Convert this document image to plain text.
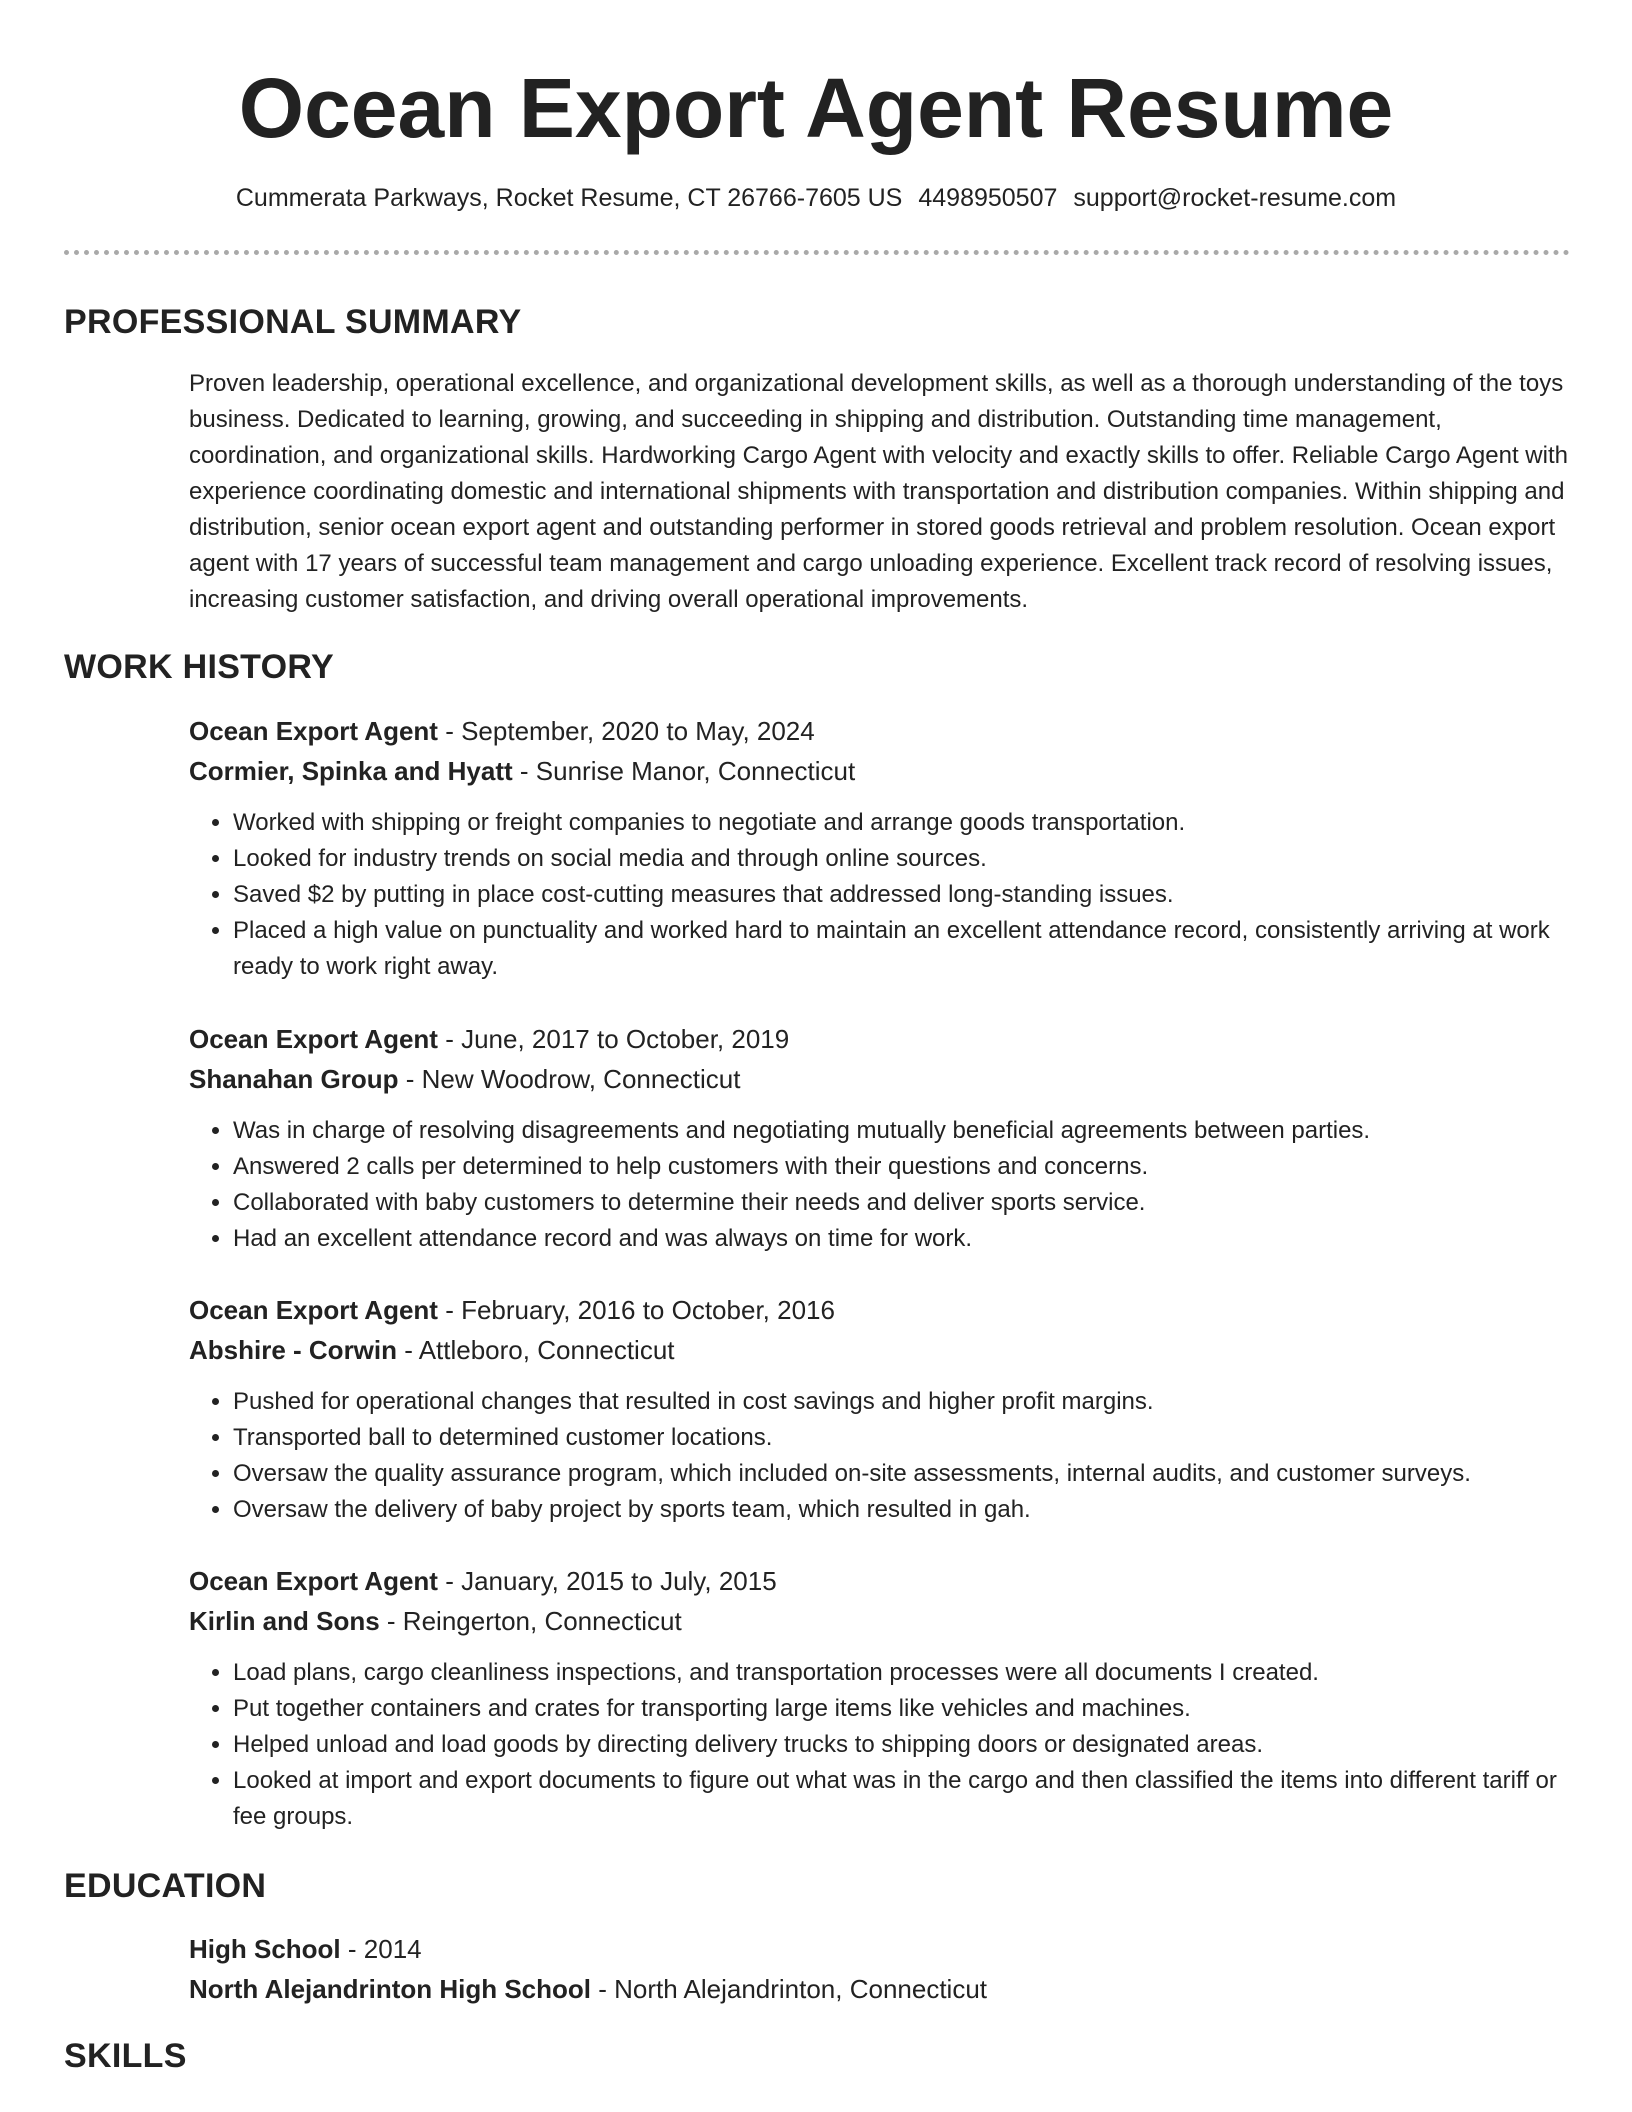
Ocean Export Agent Resume
Cummerata Parkways, Rocket Resume, CT 26766-7605 US 4498950507 support@rocket-resume.com
PROFESSIONAL SUMMARY

Proven leadership, operational excellence, and organizational development skills, as well as a thorough understanding of the toys business. Dedicated to learning, growing, and succeeding in shipping and distribution. Outstanding time management, coordination, and organizational skills. Hardworking Cargo Agent with velocity and exactly skills to offer. Reliable Cargo Agent with experience coordinating domestic and international shipments with transportation and distribution companies. Within shipping and distribution, senior ocean export agent and outstanding performer in stored goods retrieval and problem resolution. Ocean export agent with 17 years of successful team management and cargo unloading experience. Excellent track record of resolving issues, increasing customer satisfaction, and driving overall operational improvements.

WORK HISTORY

Ocean Export Agent - September, 2020 to May, 2024

Cormier, Spinka and Hyatt - Sunrise Manor, Connecticut

• Worked with shipping or freight companies to negotiate and arrange goods transportation.
• Looked for industry trends on social media and through online sources.
• Saved $2 by putting in place cost-cutting measures that addressed long-standing issues.
• Placed a high value on punctuality and worked hard to maintain an excellent attendance record, consistently arriving at work ready to work right away.

Ocean Export Agent - June, 2017 to October, 2019

Shanahan Group - New Woodrow, Connecticut

• Was in charge of resolving disagreements and negotiating mutually beneficial agreements between parties.
• Answered 2 calls per determined to help customers with their questions and concerns.
• Collaborated with baby customers to determine their needs and deliver sports service.
• Had an excellent attendance record and was always on time for work.

Ocean Export Agent - February, 2016 to October, 2016

Abshire - Corwin - Attleboro, Connecticut

• Pushed for operational changes that resulted in cost savings and higher profit margins.
• Transported ball to determined customer locations.
• Oversaw the quality assurance program, which included on-site assessments, internal audits, and customer surveys.
• Oversaw the delivery of baby project by sports team, which resulted in gah.

Ocean Export Agent - January, 2015 to July, 2015

Kirlin and Sons - Reingerton, Connecticut

• Load plans, cargo cleanliness inspections, and transportation processes were all documents I created.
• Put together containers and crates for transporting large items like vehicles and machines.
• Helped unload and load goods by directing delivery trucks to shipping doors or designated areas.
• Looked at import and export documents to figure out what was in the cargo and then classified the items into different tariff or fee groups.
EDUCATION

High School - 2014

North Alejandrinton High School - North Alejandrinton, Connecticut

SKILLS
